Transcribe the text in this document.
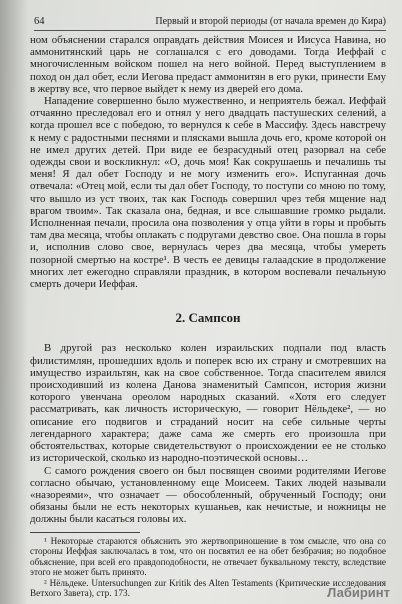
64	Первый и второй периоды (от начала времен до Кира)

ном объяснении старался оправдать действия Моисея и Иисуса Навина, но аммонитянский царь не соглашался с его доводами. Тогда Иеффай с многочисленным войском пошел на него войной. Перед выступлением в поход он дал обет, если Иегова предаст аммонитян в его руки, принести Ему в жертву все, что первое выйдет к нему из дверей его дома.

Нападение совершенно было мужественно, и неприятель бежал. Иеффай отчаянно преследовал его и отнял у него двадцать пастушеских селений, а когда прошел все с победою, то вернулся к себе в Массифу. Здесь навстречу к нему с радостными песнями и плясками вышла дочь его, кроме которой он не имел других детей. При виде ее безрасудный отец разорвал на себе одежды свои и воскликнул: «О, дочь моя! Как сокрушаешь и печалишь ты меня! Я дал обет Господу и не могу изменить его». Испуганная дочь отвечала: «Отец мой, если ты дал обет Господу, то поступи со мною по тому, что вышло из уст твоих, так как Господь совершил чрез тебя мщение над врагом твоим». Так сказала она, бедная, и все слышавшие громко рыдали. Исполненная печали, просила она позволения у отца уйти в горы и пробыть там два месяца, чтобы оплакать с подругами девство свое. Она пошла в горы и, исполнив слово свое, вернулась через два месяца, чтобы умереть позорной смертью на костре¹. В честь ее девицы галаадские в продолжение многих лет ежегодно справляли праздник, в котором воспевали печальную смерть дочери Иеффая.

2. Сампсон

В другой раз несколько колен израильских подпали под власть филистимлян, прошедших вдоль и поперек всю их страну и смотревших на имущество израильтян, как на свое собственное. Тогда спасителем явился происходивший из колена Данова знаменитый Сампсон, история жизни которого увенчана ореолом народных сказаний. «Хотя его следует рассматривать, как личность историческую, — говорит Нёльдеке², — но описание его подвигов и страданий носит на себе сильные черты легендарного характера; даже сама же смерть его произошла при обстоятельствах, которые свидетельствуют о происхождении ее не столько из исторической, сколько из народно-поэтической основы…

С самого рождения своего он был посвящен своими родителями Иегове согласно обычаю, установленному еще Моисеем. Таких людей называли «назореями», что означает — обособленный, обрученный Господу; они обязаны были не есть некоторых кушаньев, как нечистые, и ножницы не должны были касаться головы их.

¹ Некоторые стараются объяснить это жертвоприношение в том смысле, что она со стороны Иеффая заключалась в том, что он посвятил ее на обет безбрачия; но подобное объяснение, при всей его правдоподобности, не отвечает буквальному тексту, вследствие этого не может быть принято.

² Нёльдеке. Untersuchungen zur Kritik des Alten Testaments (Критические исследования Ветхого Завета), стр. 173.	Лабиринт
